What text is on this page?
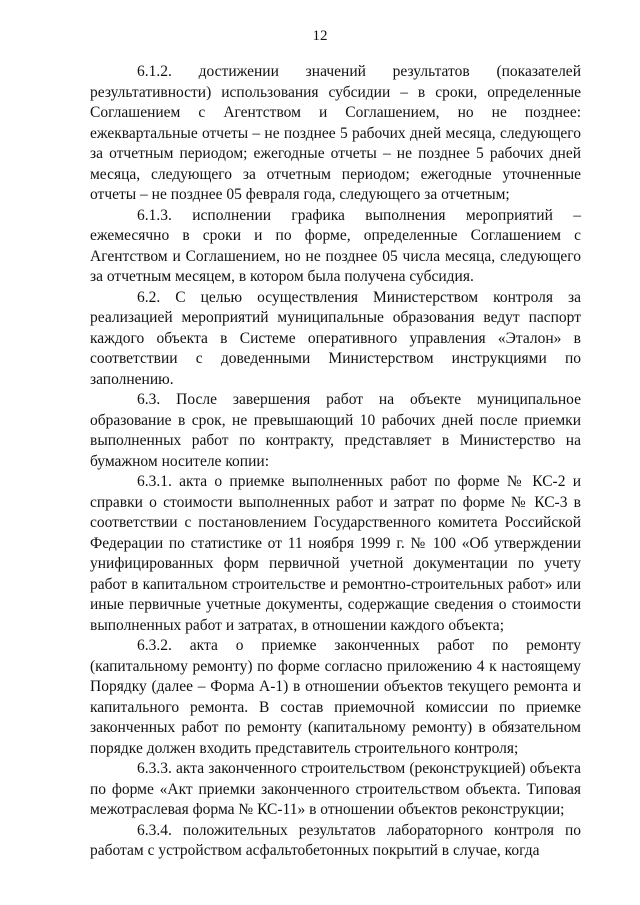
12

6.1.2. достижении значений результатов (показателей результативности) использования субсидии – в сроки, определенные Соглашением с Агентством и Соглашением, но не позднее: ежеквартальные отчеты – не позднее 5 рабочих дней месяца, следующего за отчетным периодом; ежегодные отчеты – не позднее 5 рабочих дней месяца, следующего за отчетным периодом; ежегодные уточненные отчеты – не позднее 05 февраля года, следующего за отчетным;

6.1.3. исполнении графика выполнения мероприятий – ежемесячно в сроки и по форме, определенные Соглашением с Агентством и Соглашением, но не позднее 05 числа месяца, следующего за отчетным месяцем, в котором была получена субсидия.

6.2. С целью осуществления Министерством контроля за реализацией мероприятий муниципальные образования ведут паспорт каждого объекта в Системе оперативного управления «Эталон» в соответствии с доведенными Министерством инструкциями по заполнению.

6.3. После завершения работ на объекте муниципальное образование в срок, не превышающий 10 рабочих дней после приемки выполненных работ по контракту, представляет в Министерство на бумажном носителе копии:

6.3.1. акта о приемке выполненных работ по форме № КС-2 и справки о стоимости выполненных работ и затрат по форме № КС-3 в соответствии с постановлением Государственного комитета Российской Федерации по статистике от 11 ноября 1999 г. № 100 «Об утверждении унифицированных форм первичной учетной документации по учету работ в капитальном строительстве и ремонтно-строительных работ» или иные первичные учетные документы, содержащие сведения о стоимости выполненных работ и затратах, в отношении каждого объекта;

6.3.2. акта о приемке законченных работ по ремонту (капитальному ремонту) по форме согласно приложению 4 к настоящему Порядку (далее – Форма А-1) в отношении объектов текущего ремонта и капитального ремонта. В состав приемочной комиссии по приемке законченных работ по ремонту (капитальному ремонту) в обязательном порядке должен входить представитель строительного контроля;

6.3.3. акта законченного строительством (реконструкцией) объекта по форме «Акт приемки законченного строительством объекта. Типовая межотраслевая форма № КС-11» в отношении объектов реконструкции;

6.3.4. положительных результатов лабораторного контроля по работам с устройством асфальтобетонных покрытий в случае, когда
